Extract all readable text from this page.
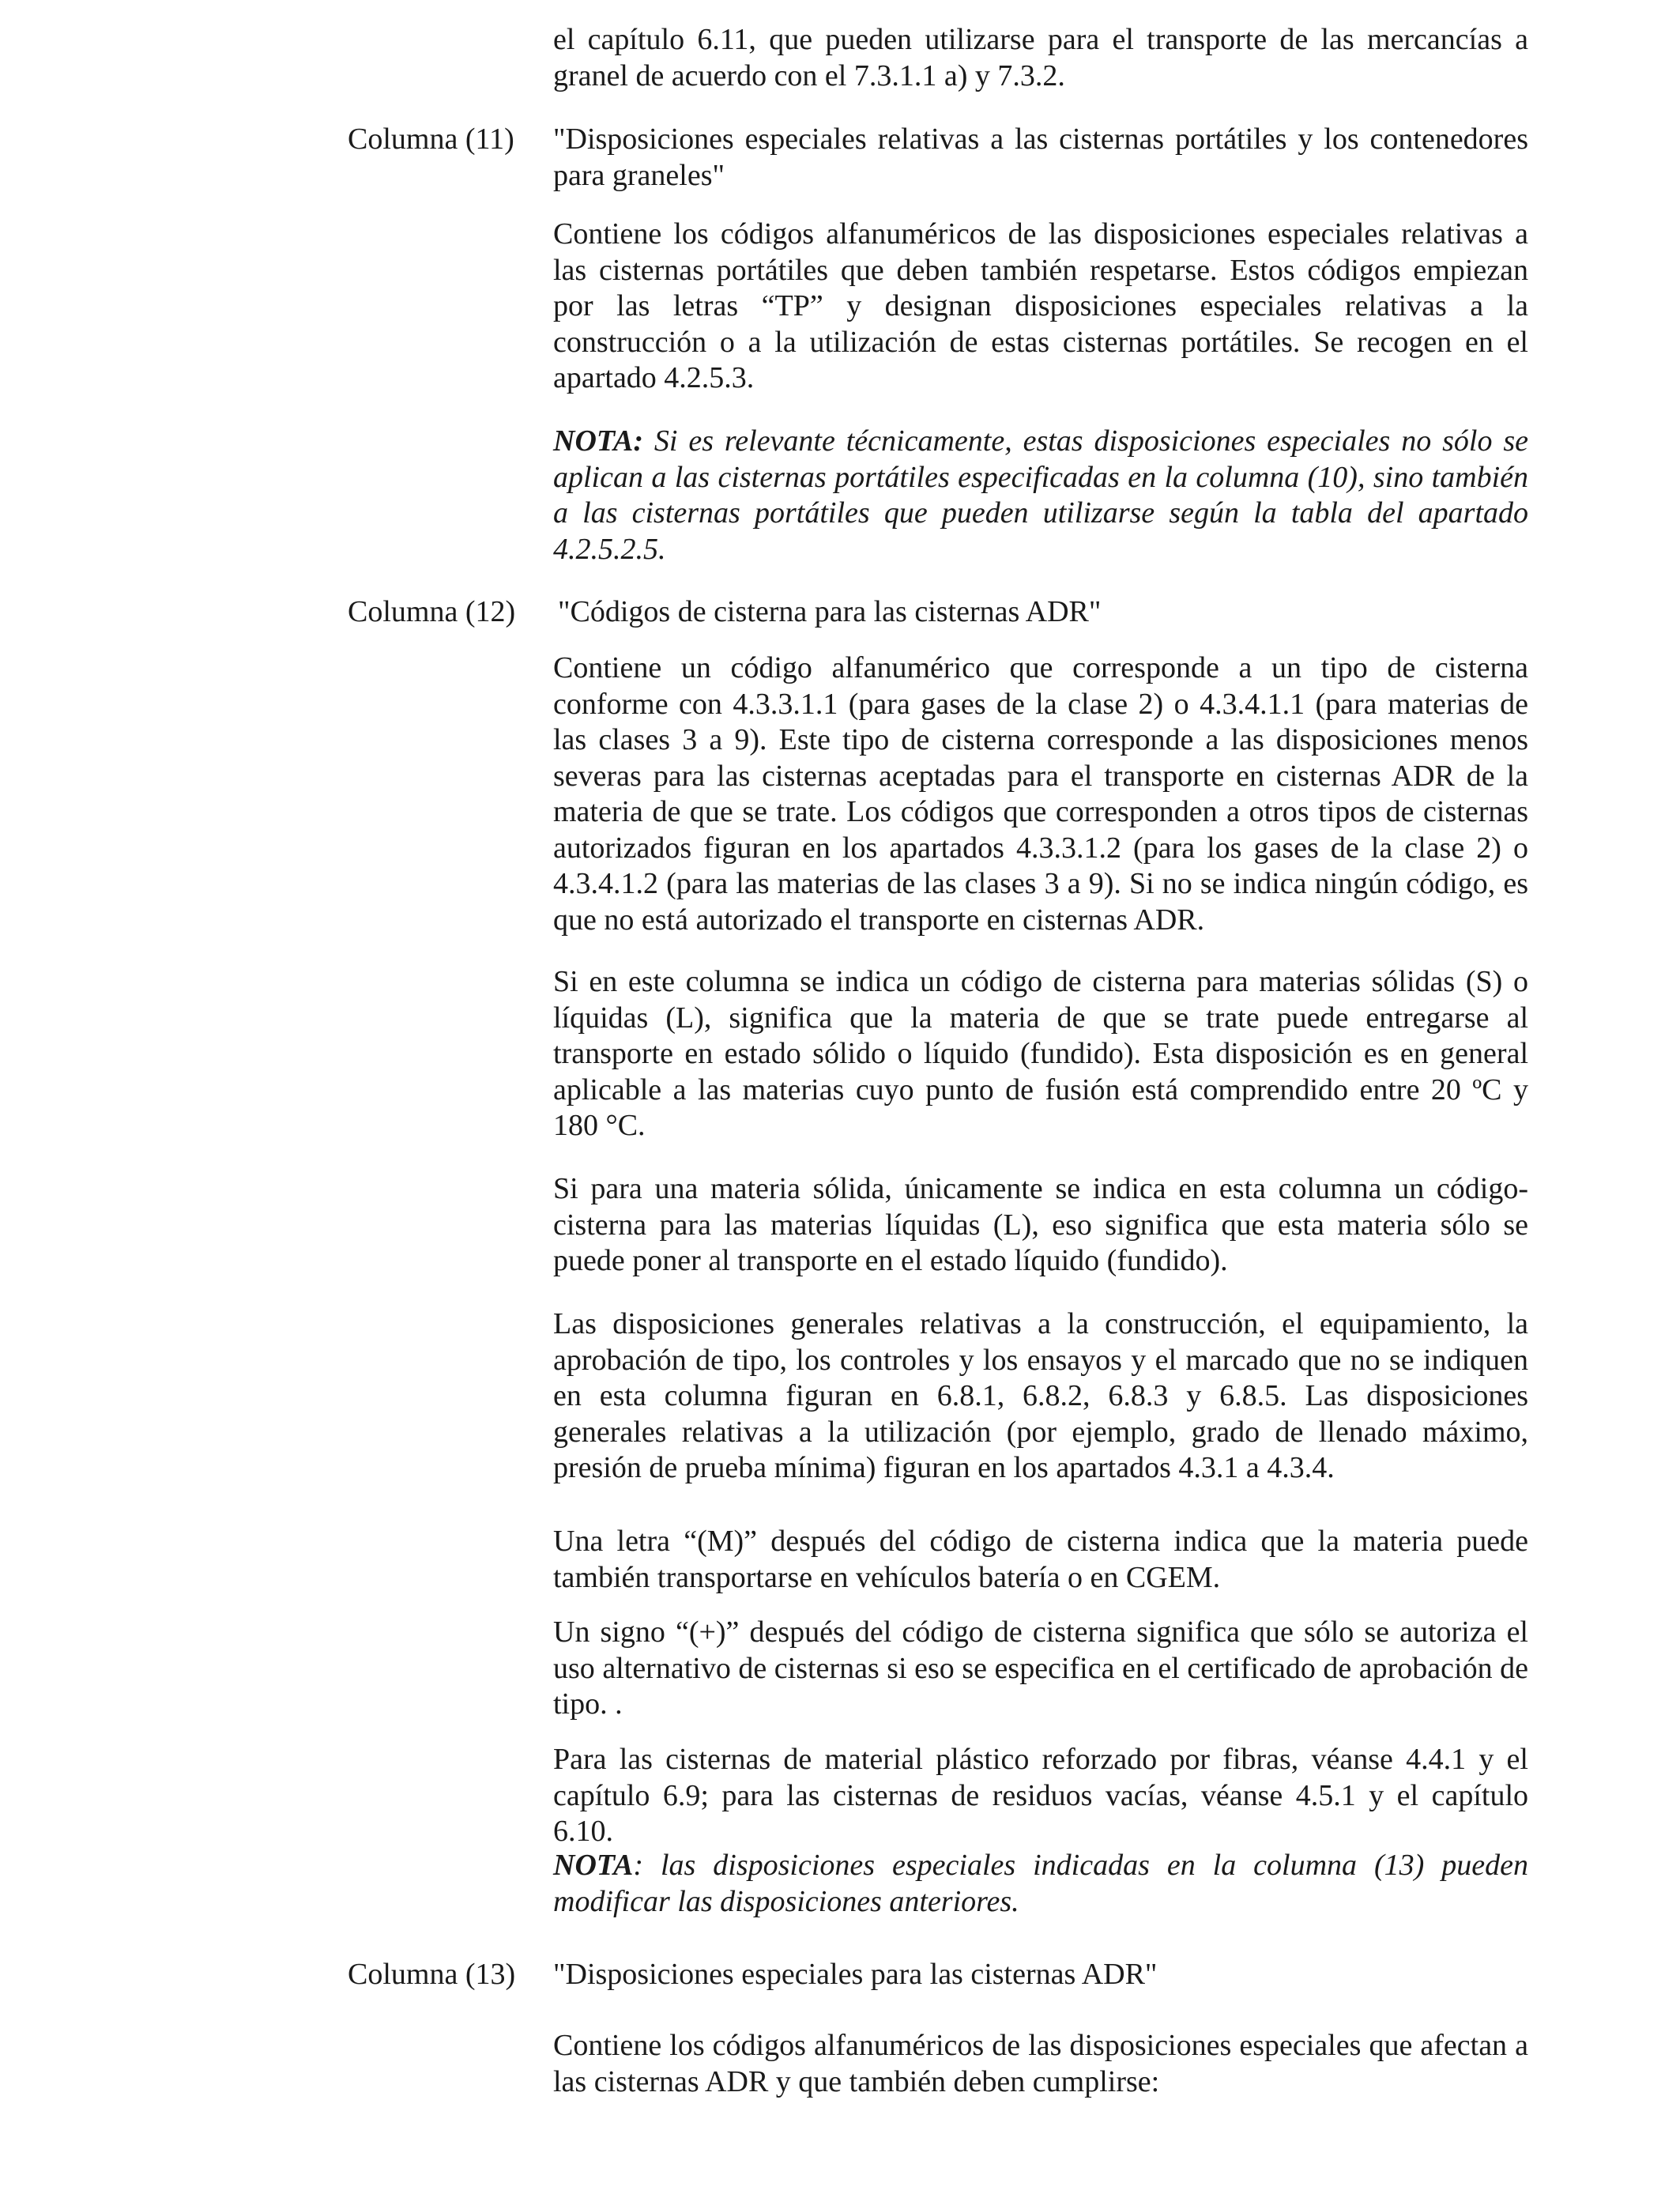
el capítulo 6.11, que pueden utilizarse para el transporte de las mercancías a granel de acuerdo con el 7.3.1.1 a) y 7.3.2.

Columna (11) "Disposiciones especiales relativas a las cisternas portátiles y los contenedores para graneles"

Contiene los códigos alfanuméricos de las disposiciones especiales relativas a las cisternas portátiles que deben también respetarse. Estos códigos empiezan por las letras “TP” y designan disposiciones especiales relativas a la construcción o a la utilización de estas cisternas portátiles. Se recogen en el apartado 4.2.5.3.

NOTA: Si es relevante técnicamente, estas disposiciones especiales no sólo se aplican a las cisternas portátiles especificadas en la columna (10), sino también a las cisternas portátiles que pueden utilizarse según la tabla del apartado 4.2.5.2.5.

Columna (12) "Códigos de cisterna para las cisternas ADR"

Contiene un código alfanumérico que corresponde a un tipo de cisterna conforme con 4.3.3.1.1 (para gases de la clase 2) o 4.3.4.1.1 (para materias de las clases 3 a 9). Este tipo de cisterna corresponde a las disposiciones menos severas para las cisternas aceptadas para el transporte en cisternas ADR de la materia de que se trate. Los códigos que corresponden a otros tipos de cisternas autorizados figuran en los apartados 4.3.3.1.2 (para los gases de la clase 2) o 4.3.4.1.2 (para las materias de las clases 3 a 9). Si no se indica ningún código, es que no está autorizado el transporte en cisternas ADR.

Si en este columna se indica un código de cisterna para materias sólidas (S) o líquidas (L), significa que la materia de que se trate puede entregarse al transporte en estado sólido o líquido (fundido). Esta disposición es en general aplicable a las materias cuyo punto de fusión está comprendido entre 20 ºC y 180 °C.

Si para una materia sólida, únicamente se indica en esta columna un código-cisterna para las materias líquidas (L), eso significa que esta materia sólo se puede poner al transporte en el estado líquido (fundido).

Las disposiciones generales relativas a la construcción, el equipamiento, la aprobación de tipo, los controles y los ensayos y el marcado que no se indiquen en esta columna figuran en 6.8.1, 6.8.2, 6.8.3 y 6.8.5. Las disposiciones generales relativas a la utilización (por ejemplo, grado de llenado máximo, presión de prueba mínima) figuran en los apartados 4.3.1 a 4.3.4.

Una letra “(M)” después del código de cisterna indica que la materia puede también transportarse en vehículos batería o en CGEM.

Un signo “(+)” después del código de cisterna significa que sólo se autoriza el uso alternativo de cisternas si eso se especifica en el certificado de aprobación de tipo. .

Para las cisternas de material plástico reforzado por fibras, véanse 4.4.1 y el capítulo 6.9; para las cisternas de residuos vacías, véanse 4.5.1 y el capítulo 6.10.

NOTA: las disposiciones especiales indicadas en la columna (13) pueden modificar las disposiciones anteriores.

Columna (13) "Disposiciones especiales para las cisternas ADR"

Contiene los códigos alfanuméricos de las disposiciones especiales que afectan a las cisternas ADR y que también deben cumplirse:
